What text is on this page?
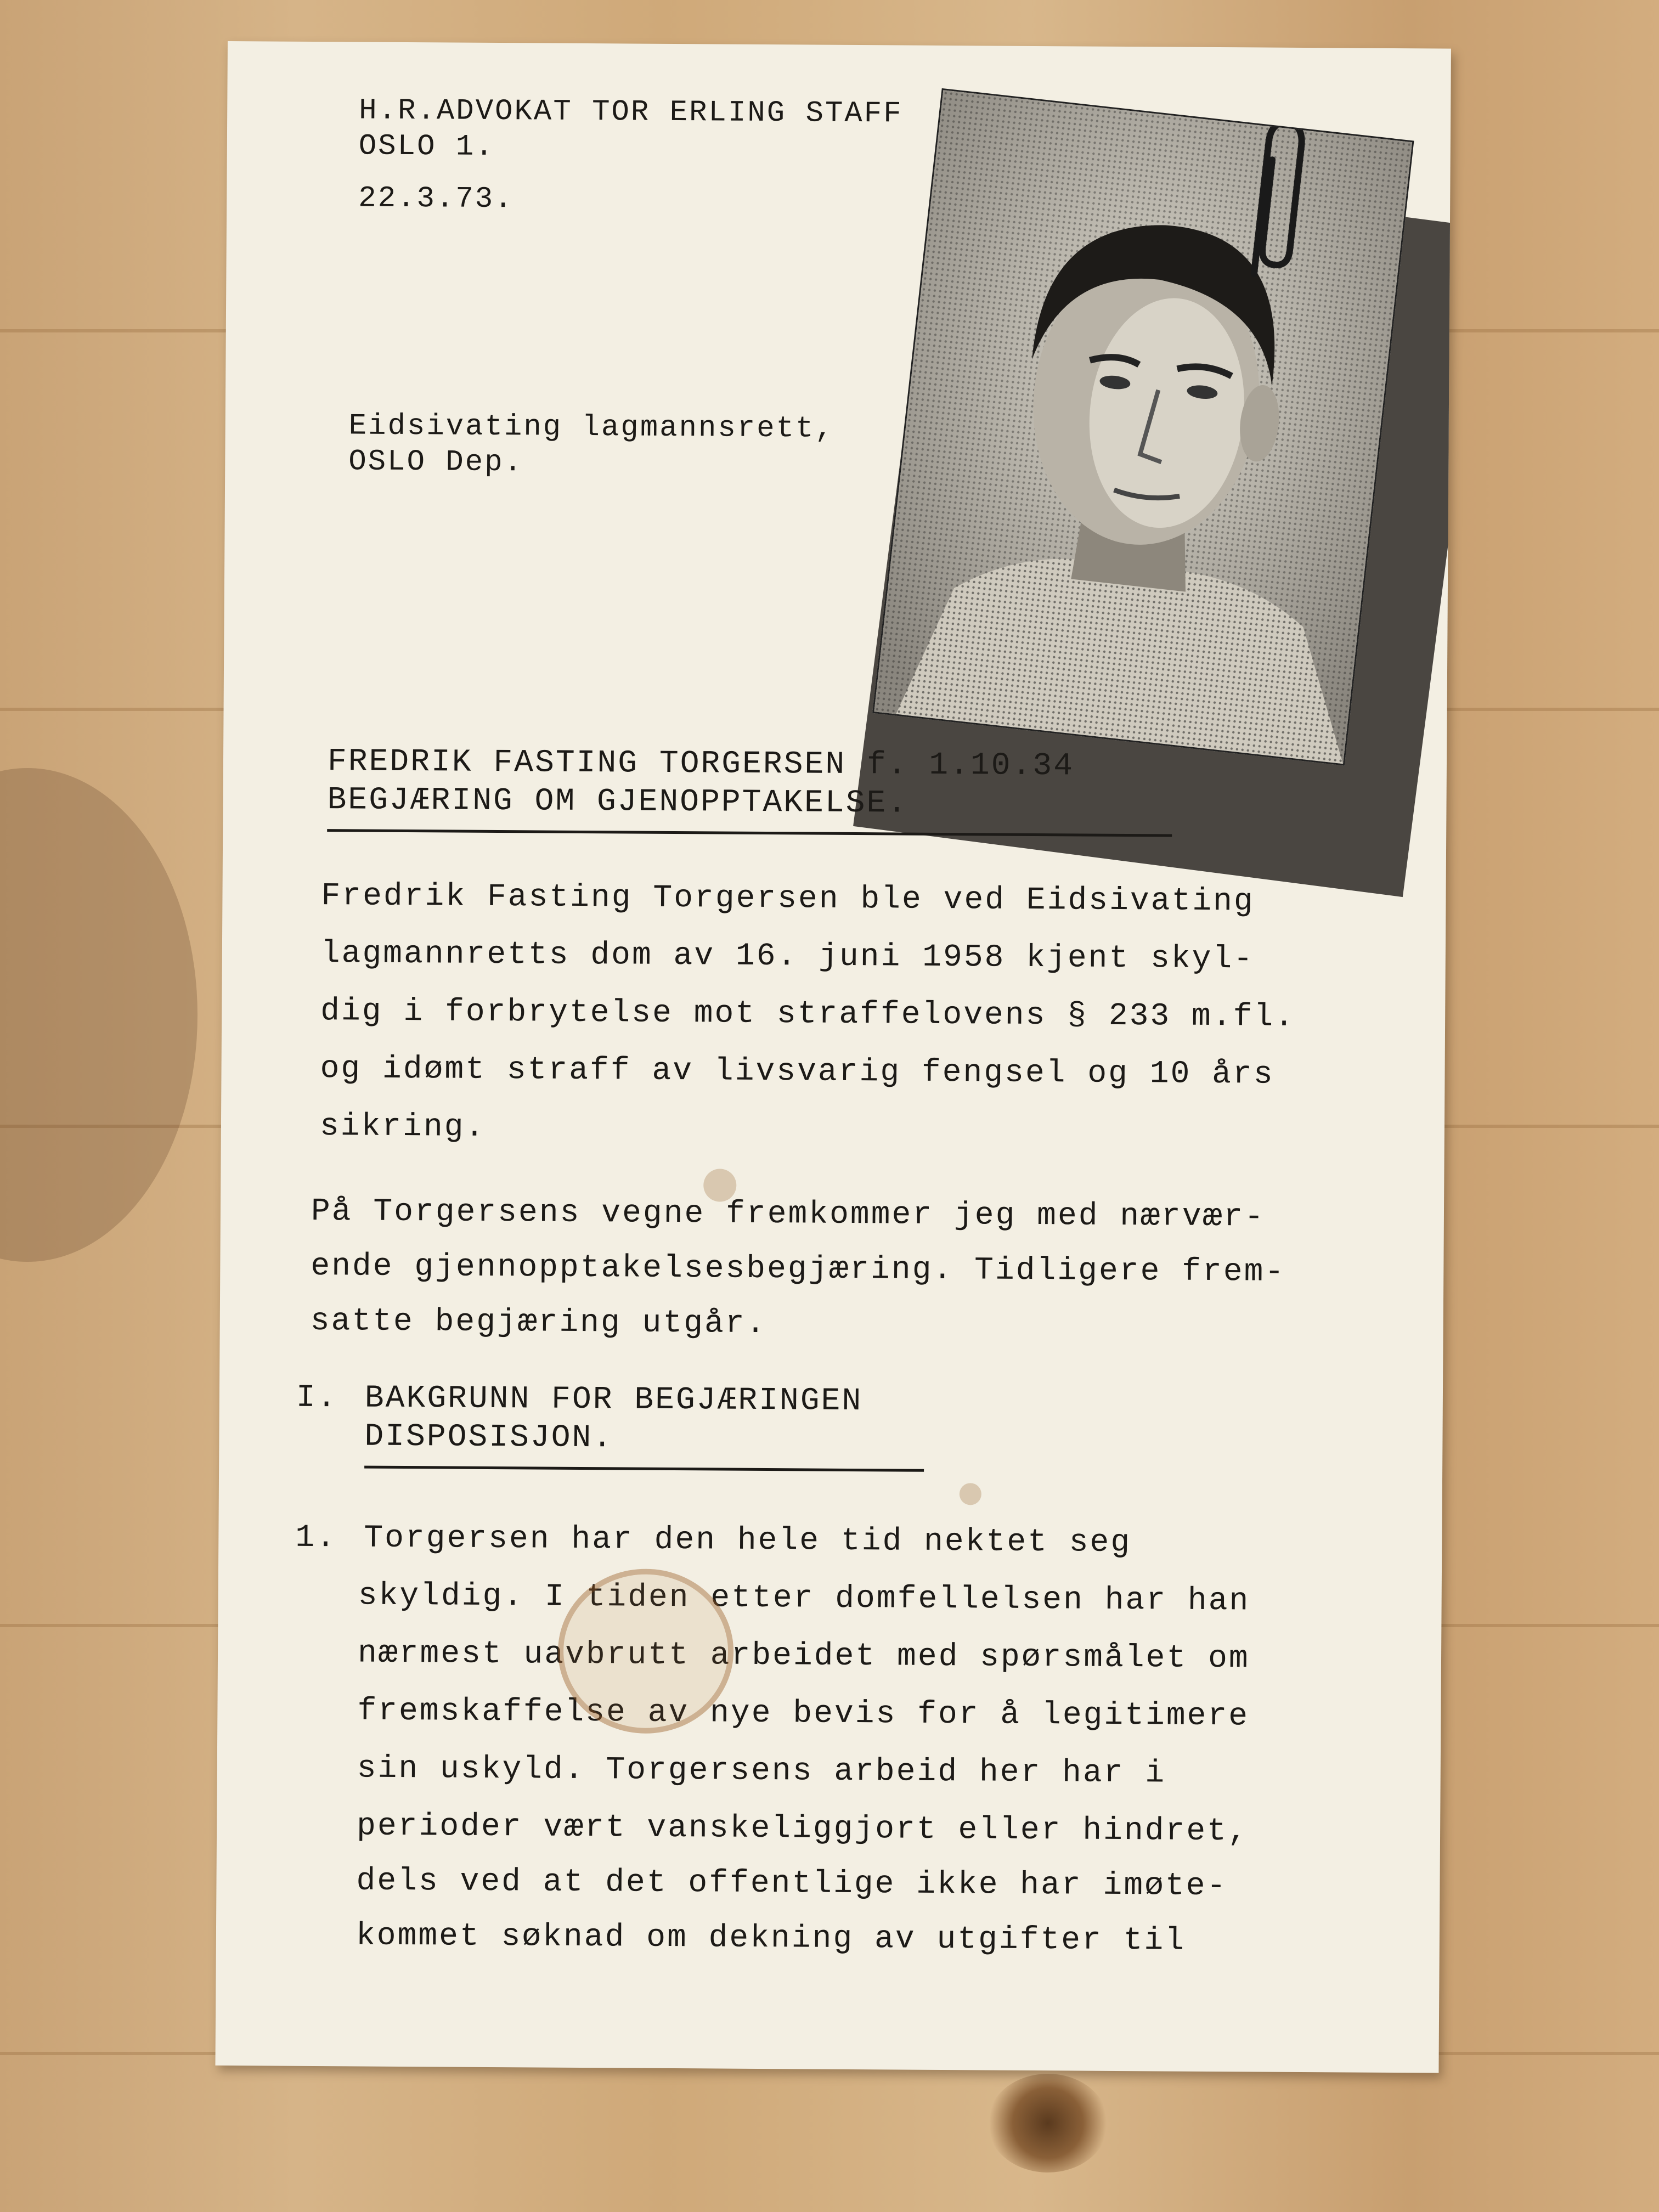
H.R.ADVOKAT TOR ERLING STAFF
OSLO 1.
22.3.73.
Eidsivating lagmannsrett,
OSLO Dep.
FREDRIK FASTING TORGERSEN f. 1.10.34
BEGJÆRING OM GJENOPPTAKELSE.
Fredrik Fasting Torgersen ble ved Eidsivating
lagmannretts dom av 16. juni 1958 kjent skyl-
dig i forbrytelse mot straffelovens § 233 m.fl.
og idømt straff av livsvarig fengsel og 10 års
sikring.
På Torgersens vegne fremkommer jeg med nærvær-
ende gjennopptakelsesbegjæring. Tidligere frem-
satte begjæring utgår.
I. BAKGRUNN FOR BEGJÆRINGEN
DISPOSISJON.
1. Torgersen har den hele tid nektet seg
skyldig. I tiden etter domfellelsen har han
nærmest uavbrutt arbeidet med spørsmålet om
fremskaffelse av nye bevis for å legitimere
sin uskyld. Torgersens arbeid her har i
perioder vært vanskeliggjort eller hindret,
dels ved at det offentlige ikke har imøte-
kommet søknad om dekning av utgifter til
